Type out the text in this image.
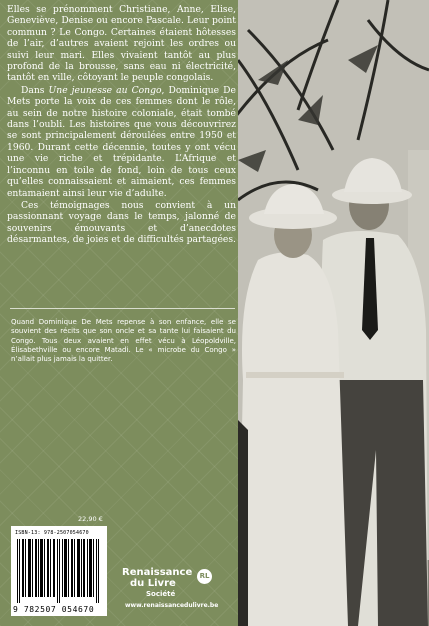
Elles se prénomment Christiane, Anne, Elise, Geneviève, Denise ou encore Pascale. Leur point commun ? Le Congo. Certaines étaient hôtesses de l’air, d’autres avaient rejoint les ordres ou suivi leur mari. Elles vivaient tantôt au plus profond de la brousse, sans eau ni électricité, tantôt en ville, côtoyant le peuple congolais.

Dans Une jeunesse au Congo, Dominique De Mets porte la voix de ces femmes dont le rôle, au sein de notre histoire coloniale, était tombé dans l’oubli. Les histoires que vous découvrirez se sont principalement déroulées entre 1950 et 1960. Durant cette décennie, toutes y ont vécu une vie riche et trépidante. L’Afrique et l’inconnu en toile de fond, loin de tous ceux qu’elles connaissaient et aimaient, ces femmes entamaient ainsi leur vie d’adulte.

Ces témoignages nous convient à un passionnant voyage dans le temps, jalonné de souvenirs émouvants et d’anecdotes désarmantes, de joies et de difficultés partagées.

Quand Dominique De Mets repense à son enfance, elle se souvient des récits que son oncle et sa tante lui faisaient du Congo. Tous deux avaient en effet vécu à Léopoldville, Élisabethville ou encore Matadi. Le « microbe du Congo » n’allait plus jamais la quitter.
22,90 €
ISBN-13: 978-2507054670
9 782507 054670
Renaissance
du Livre
Société
RL
www.renaissancedulivre.be
